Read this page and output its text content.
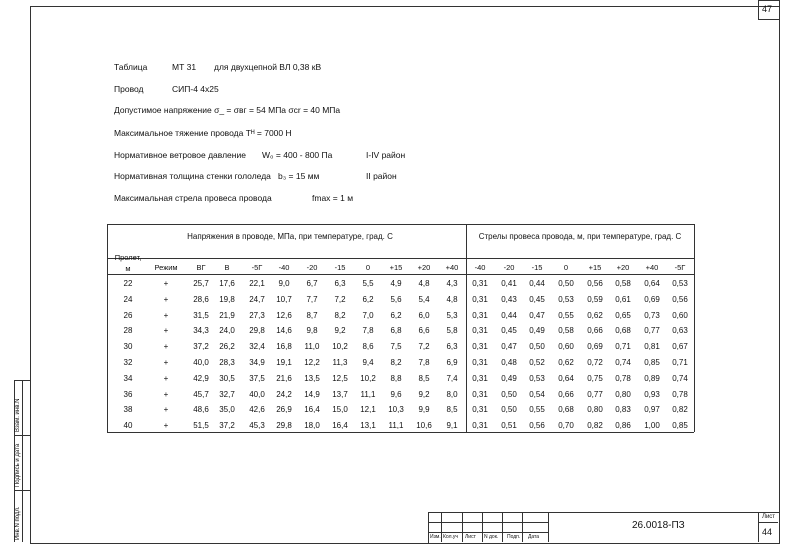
47
Инв.N подл.
Подпись и дата
Взам. инв.N
Таблица	МТ 31 для двухцепной ВЛ 0,38 кВ
Провод	СИП-4 4х25
Допустимое напряжение σ_ = σвг = 54 МПа σcr = 40 МПа
Максимальное тяжение провода Tᴴ = 7000 Н
Нормативное ветровое давление W₀ = 400 - 800 Па	I-IV район
Нормативная толщина стенки гололеда b₃ = 15 мм	II район
Максимальная стрела провеса провода	fmax = 1 м
Напряжения в проводе, МПа, при температуре, град. С	Стрелы провеса провода, м, при температуре, град. С
Пролет,
м	Режим	ВГ	В	-5Г	-40	-20	-15	0	+15	+20	+40	-40	-20	-15	0	+15	+20	+40	-5Г
22	+	25,7	17,6	22,1	9,0	6,7	6,3	5,5	4,9	4,8	4,3	0,31	0,41	0,44	0,50	0,56	0,58	0,64	0,53
24	+	28,6	19,8	24,7	10,7	7,7	7,2	6,2	5,6	5,4	4,8	0,31	0,43	0,45	0,53	0,59	0,61	0,69	0,56
26	+	31,5	21,9	27,3	12,6	8,7	8,2	7,0	6,2	6,0	5,3	0,31	0,44	0,47	0,55	0,62	0,65	0,73	0,60
28	+	34,3	24,0	29,8	14,6	9,8	9,2	7,8	6,8	6,6	5,8	0,31	0,45	0,49	0,58	0,66	0,68	0,77	0,63
30	+	37,2	26,2	32,4	16,8	11,0	10,2	8,6	7,5	7,2	6,3	0,31	0,47	0,50	0,60	0,69	0,71	0,81	0,67
32	+	40,0	28,3	34,9	19,1	12,2	11,3	9,4	8,2	7,8	6,9	0,31	0,48	0,52	0,62	0,72	0,74	0,85	0,71
34	+	42,9	30,5	37,5	21,6	13,5	12,5	10,2	8,8	8,5	7,4	0,31	0,49	0,53	0,64	0,75	0,78	0,89	0,74
36	+	45,7	32,7	40,0	24,2	14,9	13,7	11,1	9,6	9,2	8,0	0,31	0,50	0,54	0,66	0,77	0,80	0,93	0,78
38	+	48,6	35,0	42,6	26,9	16,4	15,0	12,1	10,3	9,9	8,5	0,31	0,50	0,55	0,68	0,80	0,83	0,97	0,82
40	+	51,5	37,2	45,3	29,8	18,0	16,4	13,1	11,1	10,6	9,1	0,31	0,51	0,56	0,70	0,82	0,86	1,00	0,85
Изм. Кол.уч Лист N док. Подп. Дата
26.0018-ПЗ
Лист
44
